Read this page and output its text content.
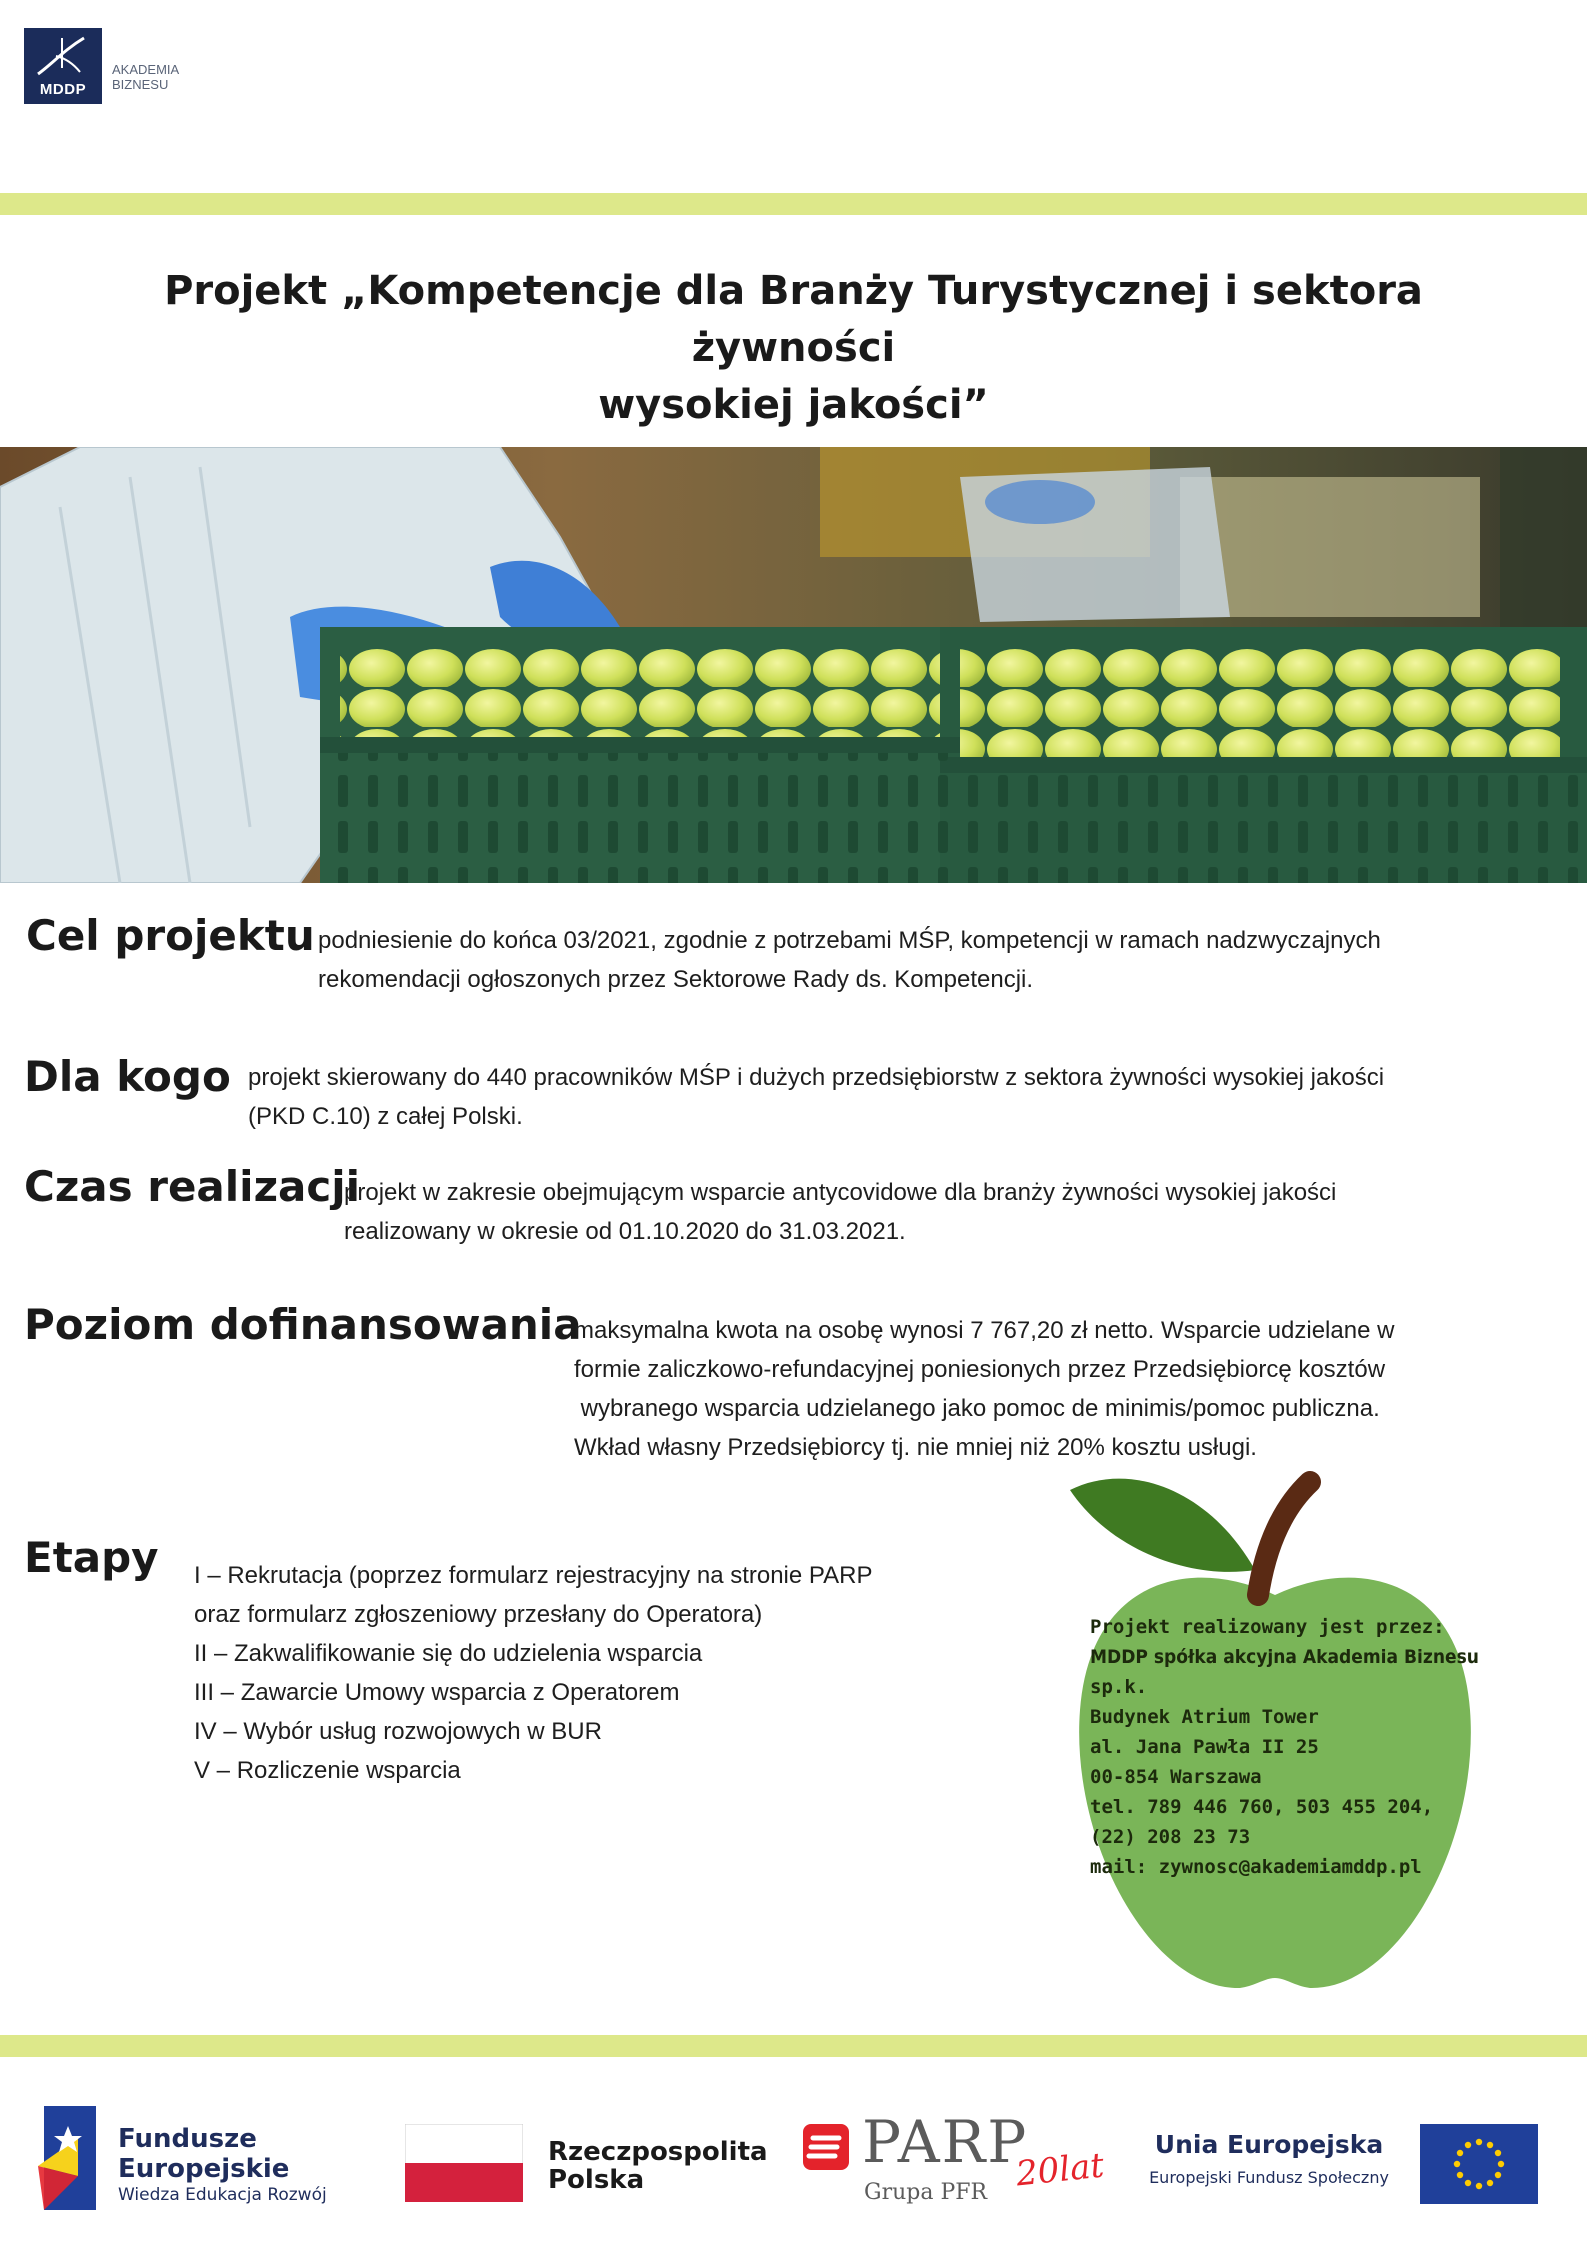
MDDP
AKADEMIA
BIZNESU
Projekt „Kompetencje dla Branży Turystycznej i sektora żywności
wysokiej jakości”
Cel projektu podniesienie do końca 03/2021, zgodnie z potrzebami MŚP, kompetencji w ramach nadzwyczajnych
rekomendacji ogłoszonych przez Sektorowe Rady ds. Kompetencji.
Dla kogo projekt skierowany do 440 pracowników MŚP i dużych przedsiębiorstw z sektora żywności wysokiej jakości
(PKD C.10) z całej Polski.
Czas realizacji
projekt w zakresie obejmującym wsparcie antycovidowe dla branży żywności wysokiej jakości
realizowany w okresie od 01.10.2020 do 31.03.2021.
Poziom dofinansowania
maksymalna kwota na osobę wynosi 7 767,20 zł netto. Wsparcie udzielane w
formie zaliczkowo-refundacyjnej poniesionych przez Przedsiębiorcę kosztów
wybranego wsparcia udzielanego jako pomoc de minimis/pomoc publiczna.
Wkład własny Przedsiębiorcy tj. nie mniej niż 20% kosztu usługi.
Etapy I – Rekrutacja (poprzez formularz rejestracyjny na stronie PARP
oraz formularz zgłoszeniowy przesłany do Operatora)
II – Zakwalifikowanie się do udzielenia wsparcia
III – Zawarcie Umowy wsparcia z Operatorem
IV – Wybór usług rozwojowych w BUR
V – Rozliczenie wsparcia
Projekt realizowany jest przez:
MDDP spółka akcyjna Akademia Biznesu
sp.k.
Budynek Atrium Tower
al. Jana Pawła II 25
00-854 Warszawa
tel. 789 446 760, 503 455 204,
(22) 208 23 73
mail: zywnosc@akademiamddp.pl
Fundusze
Europejskie
Wiedza Edukacja Rozwój
Rzeczpospolita
Polska
PARP
20lat
Grupa PFR
Unia Europejska
Europejski Fundusz Społeczny
